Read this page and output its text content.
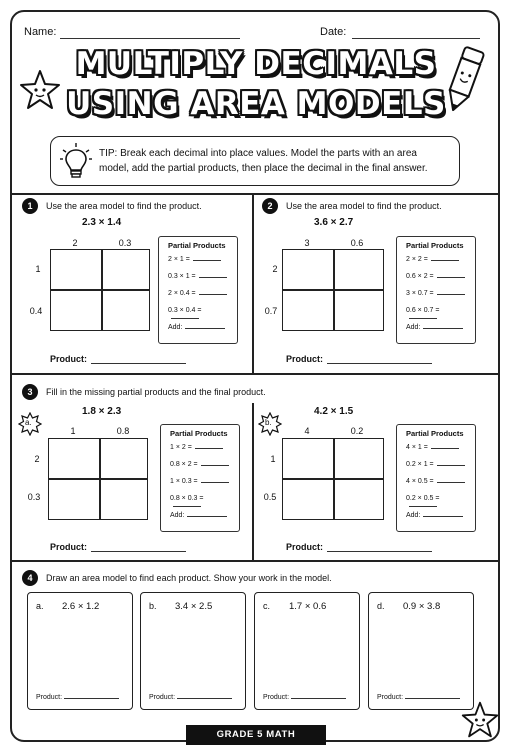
Name:	Date:
MULTIPLY DECIMALS
USING AREA MODELS
TIP: Break each decimal into place values. Model the parts with an area model, add the partial products, then place the decimal in the final answer.
1	Use the area model to find the product.
2.3 × 1.4
2	0.3
1
0.4
Partial Products
2 × 1 =
0.3 × 1 =
2 × 0.4 =
0.3 × 0.4 =
Add:
Product:
2	Use the area model to find the product.
3.6 × 2.7
3	0.6
2
0.7
Partial Products
2 × 2 =
0.6 × 2 =
3 × 0.7 =
0.6 × 0.7 =
Add:
Product:
3	Fill in the missing partial products and the final product.
a.
1.8 × 2.3
1	0.8
2
0.3
Partial Products
1 × 2 =
0.8 × 2 =
1 × 0.3 =
0.8 × 0.3 =
Add:
Product:
b.
4.2 × 1.5
4	0.2
1
0.5
Partial Products
4 × 1 =
0.2 × 1 =
4 × 0.5 =
0.2 × 0.5 =
Add:
Product:
4	Draw an area model to find each product. Show your work in the model.
a. 2.6 × 1.2
Product:
b. 3.4 × 2.5
Product:
c. 1.7 × 0.6
Product:
d. 0.9 × 3.8
Product:
GRADE 5 MATH
